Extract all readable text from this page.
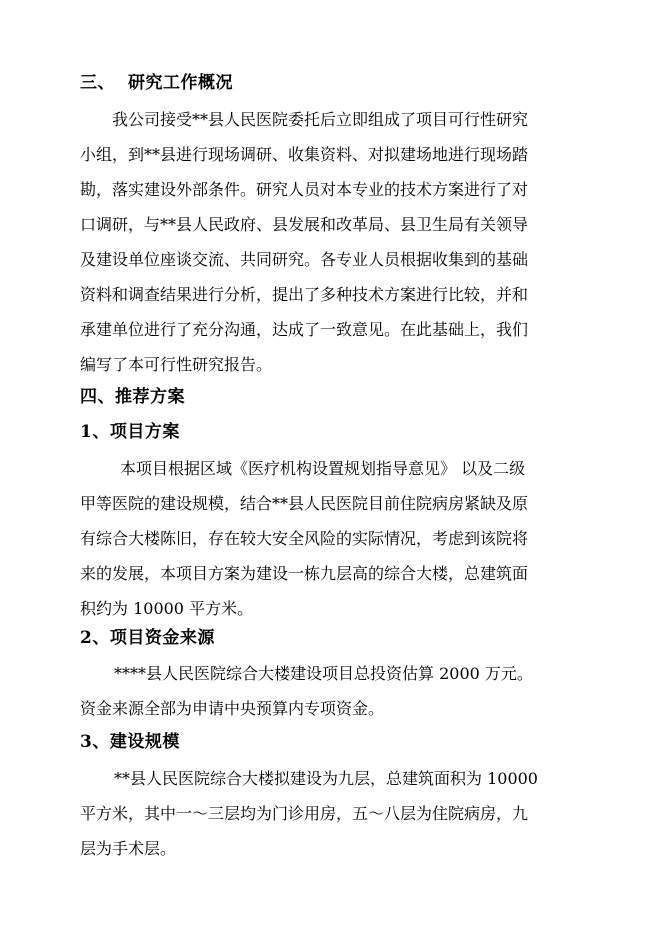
三、 研究工作概况
我公司接受**县人民医院委托后立即组成了项目可行性研究
小组，到**县进行现场调研、收集资料、对拟建场地进行现场踏
勘，落实建设外部条件。研究人员对本专业的技术方案进行了对
口调研，与**县人民政府、县发展和改革局、县卫生局有关领导
及建设单位座谈交流、共同研究。各专业人员根据收集到的基础
资料和调查结果进行分析，提出了多种技术方案进行比较，并和
承建单位进行了充分沟通，达成了一致意见。在此基础上，我们
编写了本可行性研究报告。
四、推荐方案
1、项目方案
本项目根据区域《医疗机构设置规划指导意见》 以及二级
甲等医院的建设规模，结合**县人民医院目前住院病房紧缺及原
有综合大楼陈旧，存在较大安全风险的实际情况，考虑到该院将
来的发展，本项目方案为建设一栋九层高的综合大楼，总建筑面
积约为 10000 平方米。
2、项目资金来源
****县人民医院综合大楼建设项目总投资估算 2000 万元。
资金来源全部为申请中央预算内专项资金。
3、建设规模
**县人民医院综合大楼拟建设为九层，总建筑面积为 10000
平方米，其中一～三层均为门诊用房，五～八层为住院病房，九
层为手术层。
